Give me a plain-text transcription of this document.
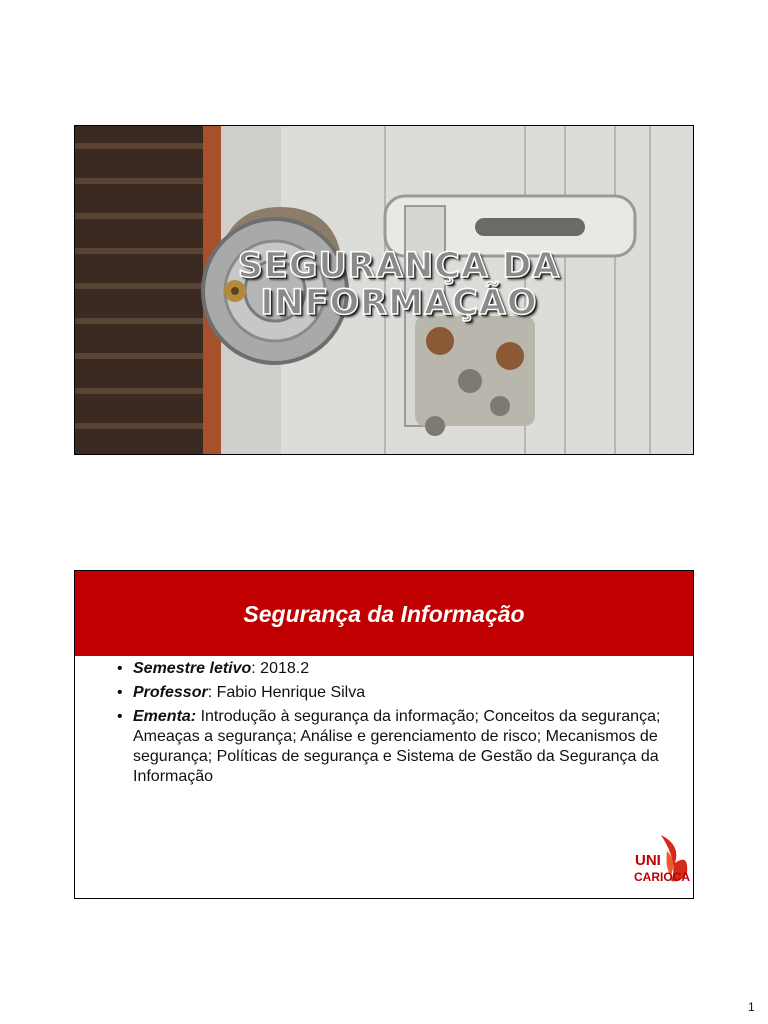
SEGURANÇA DA
INFORMAÇÃO
Segurança da Informação
• Semestre letivo: 2018.2
• Professor: Fabio Henrique Silva
• Ementa: Introdução à segurança da informação; Conceitos da segurança; Ameaças a segurança; Análise e gerenciamento de risco; Mecanismos de segurança; Políticas de segurança e Sistema de Gestão da Segurança da Informação
UNI
CARIOCA
1
